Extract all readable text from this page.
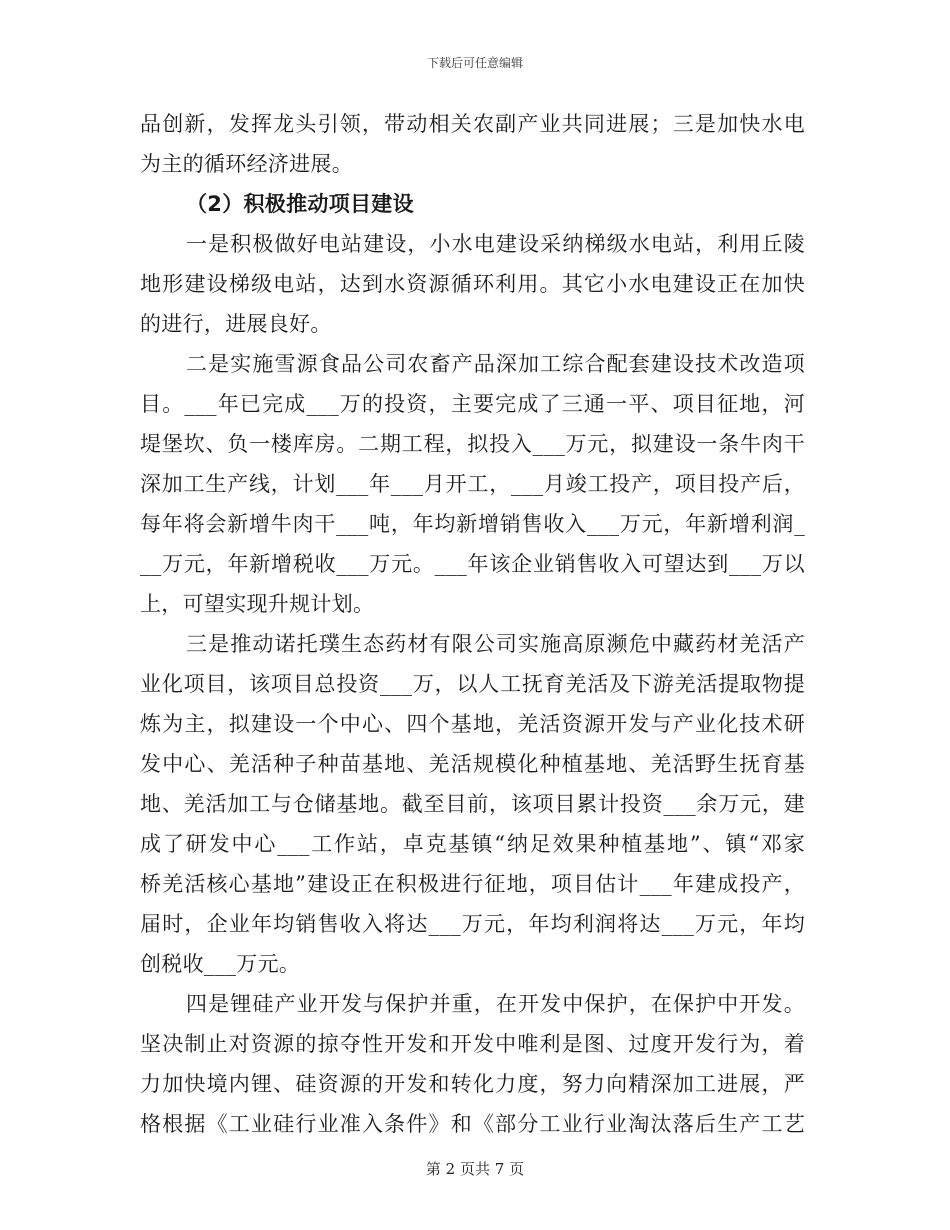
下载后可任意编辑
品创新，发挥龙头引领，带动相关农副产业共同进展；三是加快水电
为主的循环经济进展。
（2）积极推动项目建设
一是积极做好电站建设，小水电建设采纳梯级水电站，利用丘陵
地形建设梯级电站，达到水资源循环利用。其它小水电建设正在加快
的进行，进展良好。
二是实施雪源食品公司农畜产品深加工综合配套建设技术改造项
目。___年已完成___万的投资，主要完成了三通一平、项目征地，河
堤堡坎、负一楼库房。二期工程，拟投入___万元，拟建设一条牛肉干
深加工生产线，计划___年___月开工，___月竣工投产，项目投产后，
每年将会新增牛肉干___吨，年均新增销售收入___万元，年新增利润_
__万元，年新增税收___万元。___年该企业销售收入可望达到___万以
上，可望实现升规计划。
三是推动诺托璞生态药材有限公司实施高原濒危中藏药材羌活产
业化项目，该项目总投资___万，以人工抚育羌活及下游羌活提取物提
炼为主，拟建设一个中心、四个基地，羌活资源开发与产业化技术研
发中心、羌活种子种苗基地、羌活规模化种植基地、羌活野生抚育基
地、羌活加工与仓储基地。截至目前，该项目累计投资___余万元，建
成了研发中心___工作站，卓克基镇“纳足效果种植基地”、镇“邓家
桥羌活核心基地”建设正在积极进行征地，项目估计___年建成投产，
届时，企业年均销售收入将达___万元，年均利润将达___万元，年均
创税收___万元。
四是锂硅产业开发与保护并重，在开发中保护，在保护中开发。
坚决制止对资源的掠夺性开发和开发中唯利是图、过度开发行为，着
力加快境内锂、硅资源的开发和转化力度，努力向精深加工进展，严
格根据《工业硅行业准入条件》和《部分工业行业淘汰落后生产工艺
第 2 页共 7 页
